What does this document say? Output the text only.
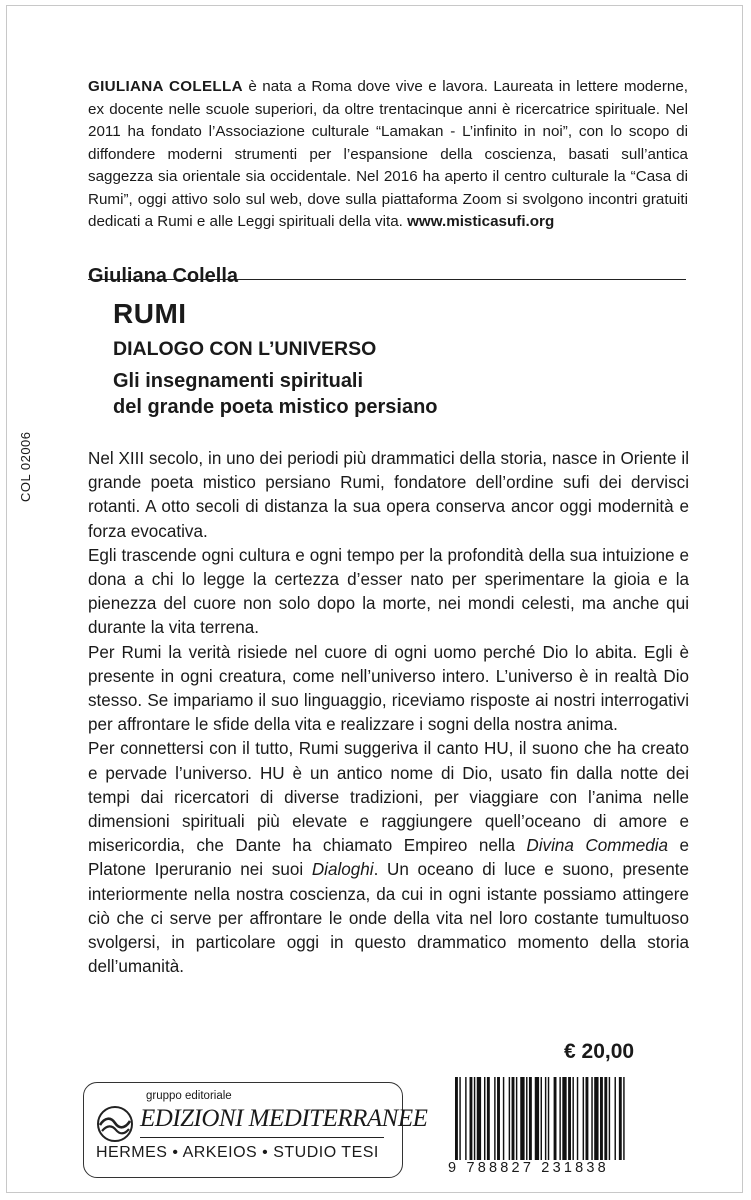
GIULIANA COLELLA è nata a Roma dove vive e lavora. Laureata in lettere moderne, ex docente nelle scuole superiori, da oltre trentacinque anni è ricercatrice spirituale. Nel 2011 ha fondato l’Associazione culturale “Lamakan - L’infinito in noi”, con lo scopo di diffondere moderni strumenti per l’espansione della coscienza, basati sull’antica saggezza sia orientale sia occidentale. Nel 2016 ha aperto il centro culturale la “Casa di Rumi”, oggi attivo solo sul web, dove sulla piattaforma Zoom si svolgono incontri gratuiti dedicati a Rumi e alle Leggi spirituali della vita. www.misticasufi.org
Giuliana Colella
RUMI
DIALOGO CON L’UNIVERSO
Gli insegnamenti spirituali
del grande poeta mistico persiano
COL 02006	Nel XIII secolo, in uno dei periodi più drammatici della storia, nasce in Oriente il grande poeta mistico persiano Rumi, fondatore dell’ordine sufi dei dervisci rotanti. A otto secoli di distanza la sua opera conserva ancor oggi modernità e forza evocativa.

Egli trascende ogni cultura e ogni tempo per la profondità della sua intuizione e dona a chi lo legge la certezza d’esser nato per sperimentare la gioia e la pienezza del cuore non solo dopo la morte, nei mondi celesti, ma anche qui durante la vita terrena.

Per Rumi la verità risiede nel cuore di ogni uomo perché Dio lo abita. Egli è presente in ogni creatura, come nell’universo intero. L’universo è in realtà Dio stesso. Se impariamo il suo linguaggio, riceviamo risposte ai nostri interrogativi per affrontare le sfide della vita e realizzare i sogni della nostra anima.

Per connettersi con il tutto, Rumi suggeriva il canto HU, il suono che ha creato e pervade l’universo. HU è un antico nome di Dio, usato fin dalla notte dei tempi dai ricercatori di diverse tradizioni, per viaggiare con l’anima nelle dimensioni spirituali più elevate e raggiungere quell’oceano di amore e misericordia, che Dante ha chiamato Empireo nella Divina Commedia e Platone Iperuranio nei suoi Dialoghi. Un oceano di luce e suono, presente interiormente nella nostra coscienza, da cui in ogni istante possiamo attingere ciò che ci serve per affrontare le onde della vita nel loro costante tumultuoso svolgersi, in particolare oggi in questo drammatico momento della storia dell’umanità.

€ 20,00
gruppo editoriale
EDIZIONI MEDITERRANEE
HERMES • ARKEIOS • STUDIO TESI
9 788827 231838
